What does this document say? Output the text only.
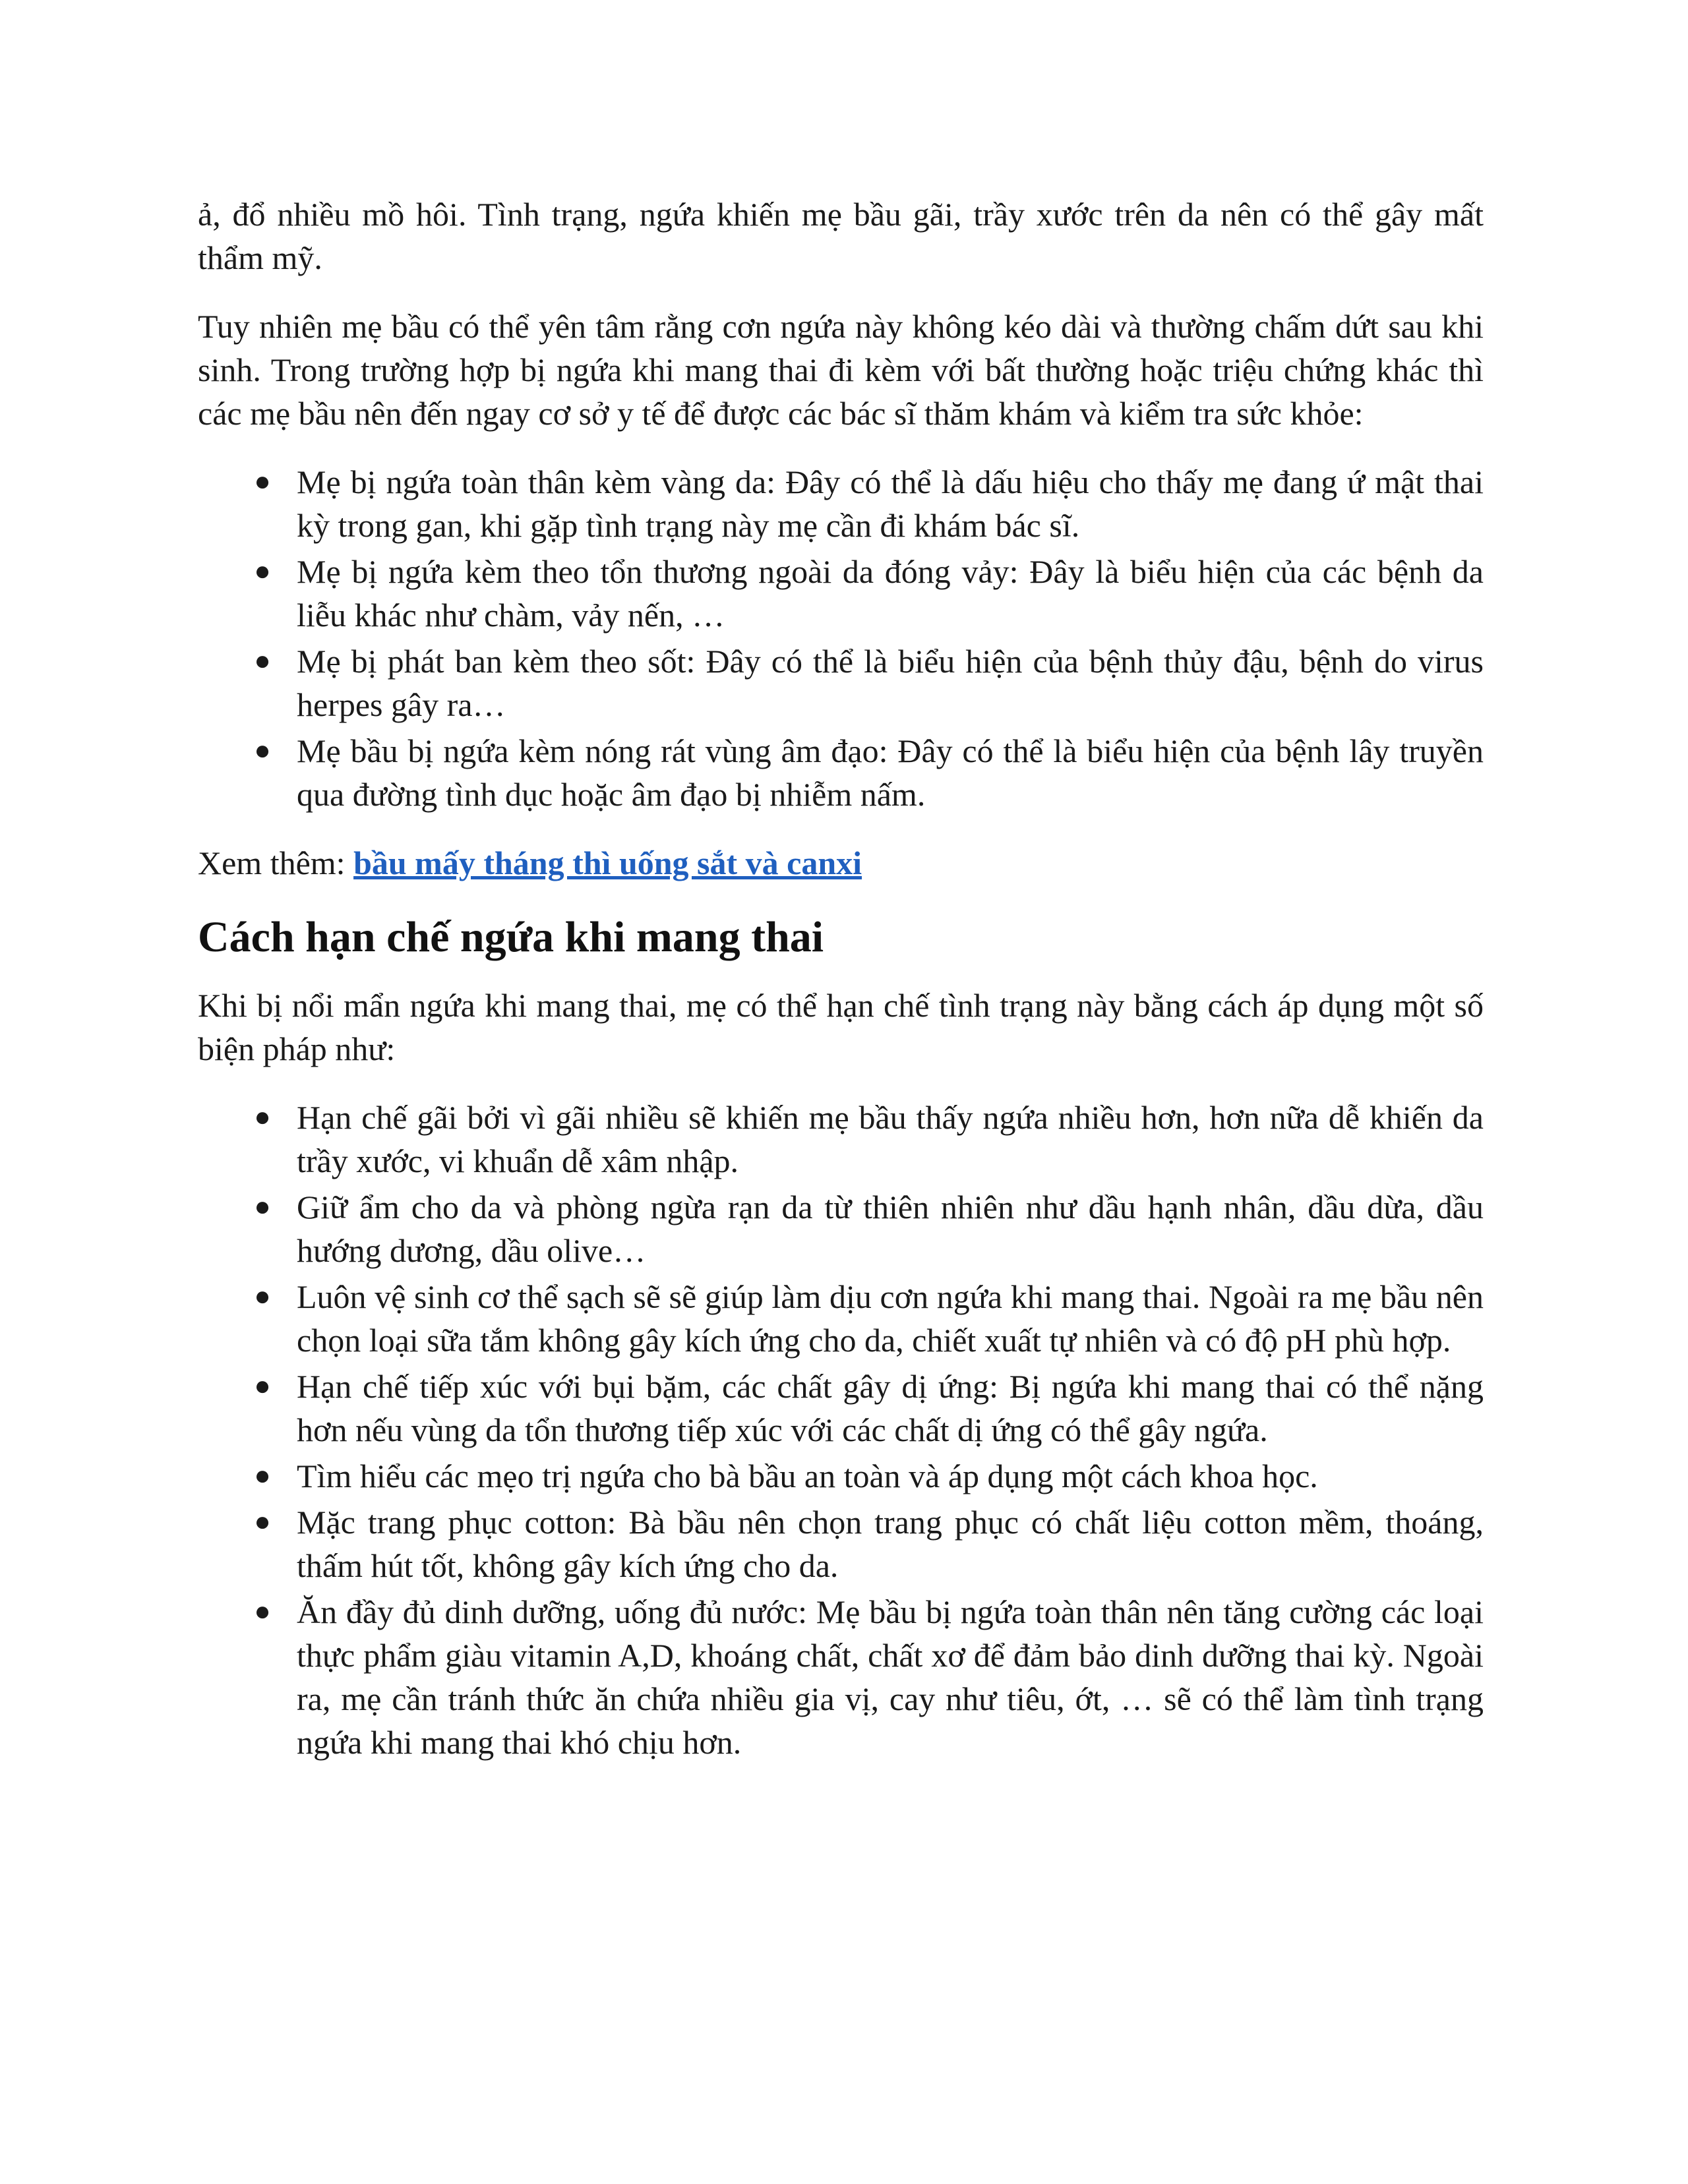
ả, đổ nhiều mồ hôi. Tình trạng, ngứa khiến mẹ bầu gãi, trầy xước trên da nên có thể gây mất thẩm mỹ.

Tuy nhiên mẹ bầu có thể yên tâm rằng cơn ngứa này không kéo dài và thường chấm dứt sau khi sinh. Trong trường hợp bị ngứa khi mang thai đi kèm với bất thường hoặc triệu chứng khác thì các mẹ bầu nên đến ngay cơ sở y tế để được các bác sĩ thăm khám và kiểm tra sức khỏe:

● Mẹ bị ngứa toàn thân kèm vàng da: Đây có thể là dấu hiệu cho thấy mẹ đang ứ mật thai kỳ trong gan, khi gặp tình trạng này mẹ cần đi khám bác sĩ.
● Mẹ bị ngứa kèm theo tổn thương ngoài da đóng vảy: Đây là biểu hiện của các bệnh da liễu khác như chàm, vảy nến, …
● Mẹ bị phát ban kèm theo sốt: Đây có thể là biểu hiện của bệnh thủy đậu, bệnh do virus herpes gây ra…
● Mẹ bầu bị ngứa kèm nóng rát vùng âm đạo: Đây có thể là biểu hiện của bệnh lây truyền qua đường tình dục hoặc âm đạo bị nhiễm nấm.

Xem thêm: bầu mấy tháng thì uống sắt và canxi

Cách hạn chế ngứa khi mang thai

Khi bị nổi mẩn ngứa khi mang thai, mẹ có thể hạn chế tình trạng này bằng cách áp dụng một số biện pháp như:

● Hạn chế gãi bởi vì gãi nhiều sẽ khiến mẹ bầu thấy ngứa nhiều hơn, hơn nữa dễ khiến da trầy xước, vi khuẩn dễ xâm nhập.
● Giữ ẩm cho da và phòng ngừa rạn da từ thiên nhiên như dầu hạnh nhân, dầu dừa, dầu hướng dương, dầu olive…
● Luôn vệ sinh cơ thể sạch sẽ sẽ giúp làm dịu cơn ngứa khi mang thai. Ngoài ra mẹ bầu nên chọn loại sữa tắm không gây kích ứng cho da, chiết xuất tự nhiên và có độ pH phù hợp.
● Hạn chế tiếp xúc với bụi bặm, các chất gây dị ứng: Bị ngứa khi mang thai có thể nặng hơn nếu vùng da tổn thương tiếp xúc với các chất dị ứng có thể gây ngứa.
● Tìm hiểu các mẹo trị ngứa cho bà bầu an toàn và áp dụng một cách khoa học.
● Mặc trang phục cotton: Bà bầu nên chọn trang phục có chất liệu cotton mềm, thoáng, thấm hút tốt, không gây kích ứng cho da.
● Ăn đầy đủ dinh dưỡng, uống đủ nước: Mẹ bầu bị ngứa toàn thân nên tăng cường các loại thực phẩm giàu vitamin A,D, khoáng chất, chất xơ để đảm bảo dinh dưỡng thai kỳ. Ngoài ra, mẹ cần tránh thức ăn chứa nhiều gia vị, cay như tiêu, ớt, … sẽ có thể làm tình trạng ngứa khi mang thai khó chịu hơn.
